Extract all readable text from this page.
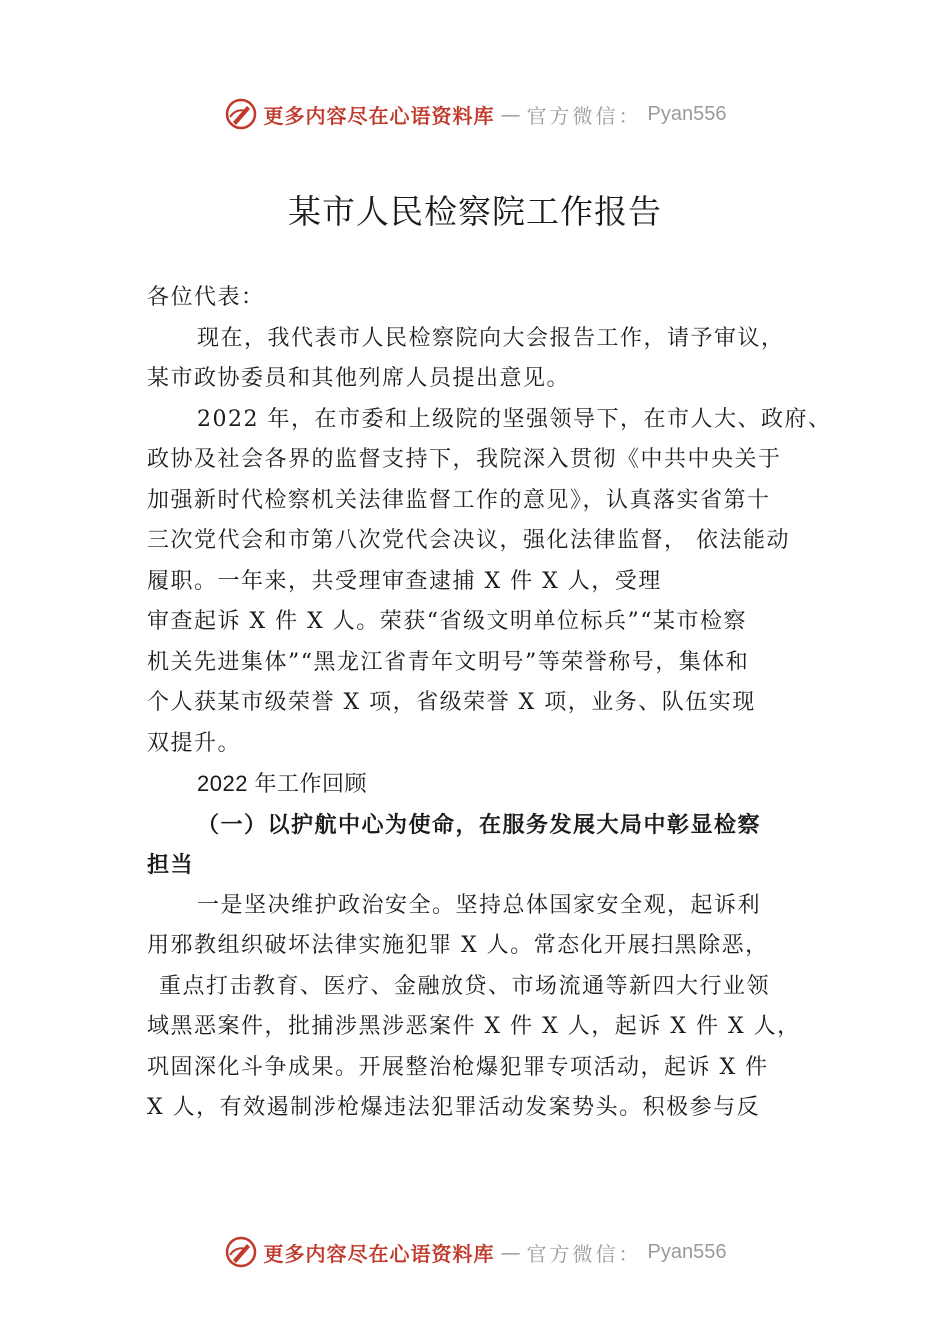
更多内容尽在心语资料库 — 官方微信： Pyan556
某市人民检察院工作报告

各位代表：

现在，我代表市人民检察院向大会报告工作，请予审议，

某市政协委员和其他列席人员提出意见。

2022 年，在市委和上级院的坚强领导下，在市人大、政府、

政协及社会各界的监督支持下，我院深入贯彻《中共中央关于

加强新时代检察机关法律监督工作的意见》，认真落实省第十

三次党代会和市第八次党代会决议，强化法律监督， 依法能动

履职。一年来，共受理审查逮捕 X 件 X 人，受理

审查起诉 X 件 X 人。荣获“省级文明单位标兵”“某市检察

机关先进集体”“黑龙江省青年文明号”等荣誉称号，集体和

个人获某市级荣誉 X 项，省级荣誉 X 项，业务、队伍实现

双提升。

2022 年工作回顾

（一）以护航中心为使命，在服务发展大局中彰显检察

担当

一是坚决维护政治安全。坚持总体国家安全观，起诉利

用邪教组织破坏法律实施犯罪 X 人。常态化开展扫黑除恶，

重点打击教育、医疗、金融放贷、市场流通等新四大行业领

域黑恶案件，批捕涉黑涉恶案件 X 件 X 人，起诉 X 件 X 人，

巩固深化斗争成果。开展整治枪爆犯罪专项活动，起诉 X 件

X 人，有效遏制涉枪爆违法犯罪活动发案势头。积极参与反

更多内容尽在心语资料库 — 官方微信： Pyan556
